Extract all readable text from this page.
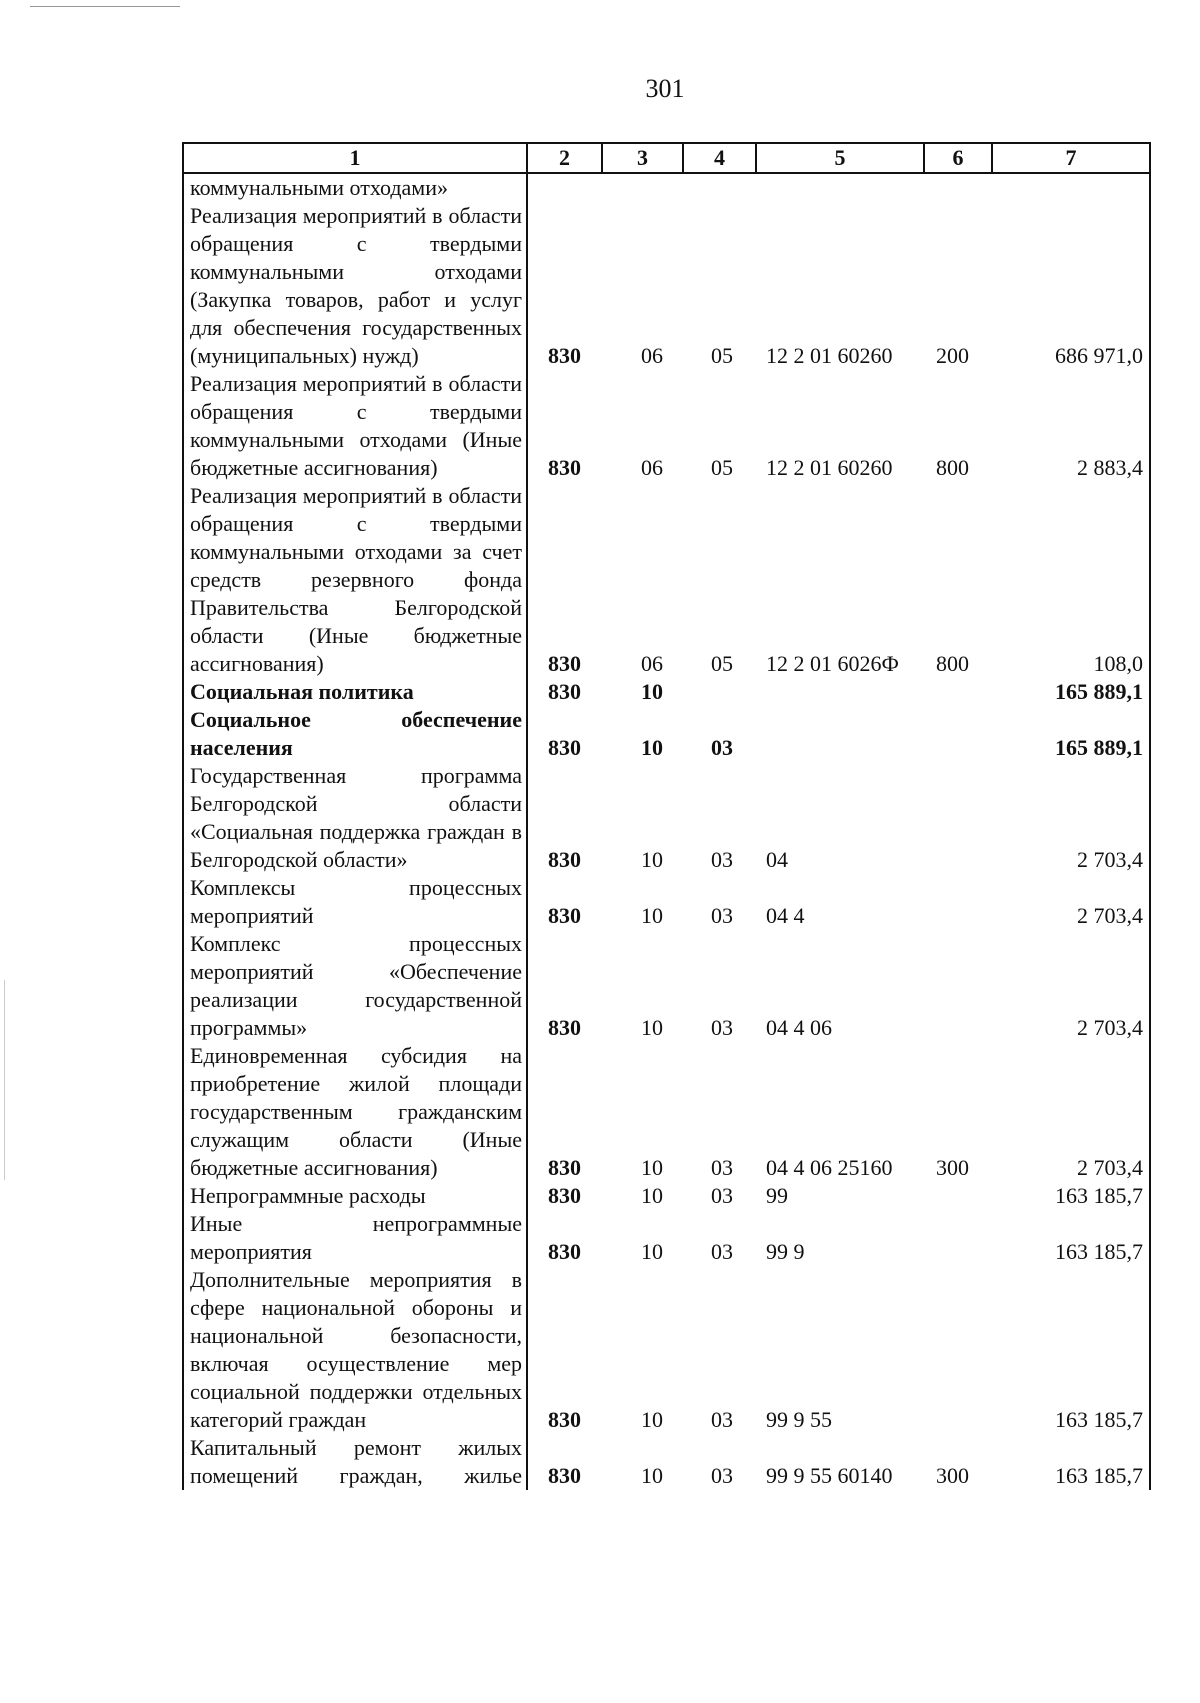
301
1	2	3	4	5	6	7
коммунальными отходами»						
Реализация мероприятий в области обращения с твердыми коммунальными отходами (Закупка товаров, работ и услуг для обеспечения государственных (муниципальных) нужд)	830	06	05	12 2 01 60260	200	686 971,0
Реализация мероприятий в области обращения с твердыми коммунальными отходами (Иные бюджетные ассигнования)	830	06	05	12 2 01 60260	800	2 883,4
Реализация мероприятий в области обращения с твердыми коммунальными отходами за счет средств резервного фонда Правительства Белгородской области (Иные бюджетные ассигнования)	830	06	05	12 2 01 6026Ф	800	108,0
Социальная политика	830	10				165 889,1
Социальное обеспечение населения	830	10	03			165 889,1
Государственная программа Белгородской области «Социальная поддержка граждан в Белгородской области»	830	10	03	04		2 703,4
Комплексы процессных мероприятий	830	10	03	04 4		2 703,4
Комплекс процессных мероприятий «Обеспечение реализации государственной программы»	830	10	03	04 4 06		2 703,4
Единовременная субсидия на приобретение жилой площади государственным гражданским служащим области (Иные бюджетные ассигнования)	830	10	03	04 4 06 25160	300	2 703,4
Непрограммные расходы	830	10	03	99		163 185,7
Иные непрограммные мероприятия	830	10	03	99 9		163 185,7
Дополнительные мероприятия в сфере национальной обороны и национальной безопасности, включая осуществление мер социальной поддержки отдельных категорий граждан	830	10	03	99 9 55		163 185,7
Капитальный ремонт жилых помещений граждан, жилье	830	10	03	99 9 55 60140	300	163 185,7
